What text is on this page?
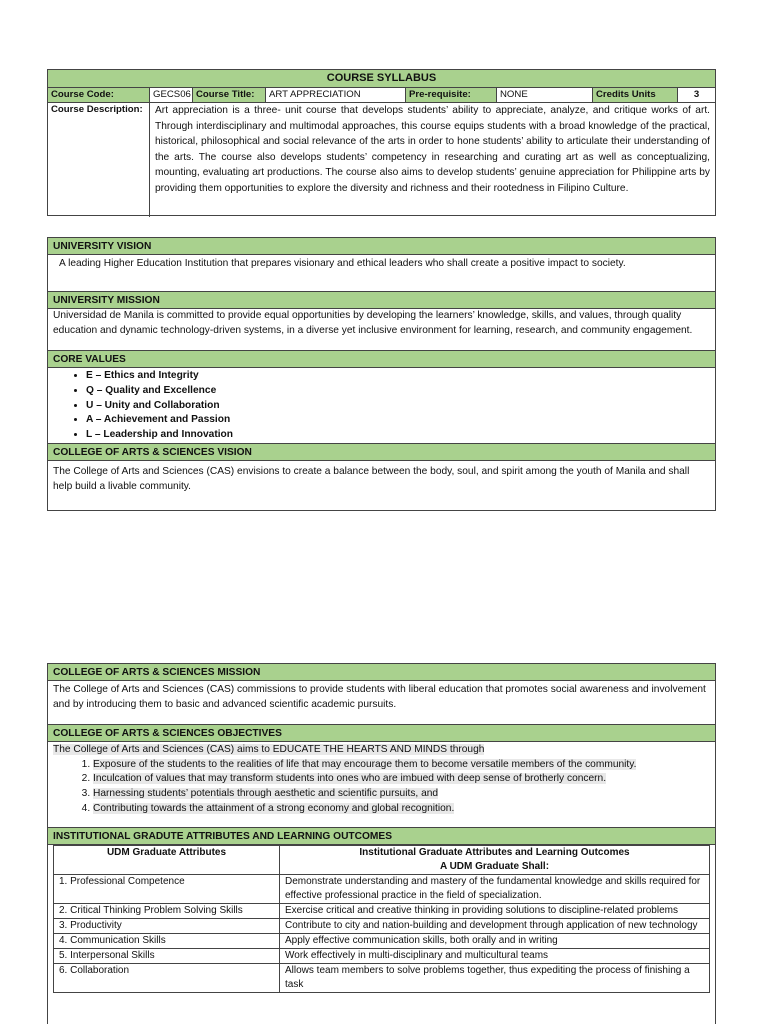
COURSE SYLLABUS
Course Code:	GECS06 Course Title:	ART APPRECIATION	Pre-requisite:	NONE	Credits Units	3
Course Description:	Art appreciation is a three- unit course that develops students’ ability to appreciate, analyze, and critique works of art. Through interdisciplinary and multimodal approaches, this course equips students with a broad knowledge of the practical, historical, philosophical and social relevance of the arts in order to hone students’ ability to articulate their understanding of the arts. The course also develops students’ competency in researching and curating art as well as conceptualizing, mounting, evaluating art productions. The course also aims to develop students’ genuine appreciation for Philippine arts by providing them opportunities to explore the diversity and richness and their rootedness in Filipino Culture.
UNIVERSITY VISION
A leading Higher Education Institution that prepares visionary and ethical leaders who shall create a positive impact to society.
UNIVERSITY MISSION
Universidad de Manila is committed to provide equal opportunities by developing the learners’ knowledge, skills, and values, through quality education and dynamic technology-driven systems, in a diverse yet inclusive environment for learning, research, and community engagement.
CORE VALUES
• E – Ethics and Integrity
• Q – Quality and Excellence
• U – Unity and Collaboration
• A – Achievement and Passion
• L – Leadership and Innovation
COLLEGE OF ARTS & SCIENCES VISION
The College of Arts and Sciences (CAS) envisions to create a balance between the body, soul, and spirit among the youth of Manila and shall help build a livable community.
COLLEGE OF ARTS & SCIENCES MISSION
The College of Arts and Sciences (CAS) commissions to provide students with liberal education that promotes social awareness and involvement and by introducing them to basic and advanced scientific academic pursuits.
COLLEGE OF ARTS & SCIENCES OBJECTIVES
The College of Arts and Sciences (CAS) aims to EDUCATE THE HEARTS AND MINDS through
1. Exposure of the students to the realities of life that may encourage them to become versatile members of the community.
2. Inculcation of values that may transform students into ones who are imbued with deep sense of brotherly concern.
3. Harnessing students’ potentials through aesthetic and scientific pursuits, and
4. Contributing towards the attainment of a strong economy and global recognition.
INSTITUTIONAL GRADUTE ATTRIBUTES AND LEARNING OUTCOMES
UDM Graduate Attributes	Institutional Graduate Attributes and Learning Outcomes
A UDM Graduate Shall:

1. Professional Competence	Demonstrate understanding and mastery of the fundamental knowledge and skills required for effective professional practice in the field of specialization.
2. Critical Thinking Problem Solving Skills	Exercise critical and creative thinking in providing solutions to discipline-related problems
3. Productivity	Contribute to city and nation-building and development through application of new technology
4. Communication Skills	Apply effective communication skills, both orally and in writing
5. Interpersonal Skills	Work effectively in multi-disciplinary and multicultural teams
6. Collaboration	Allows team members to solve problems together, thus expediting the process of finishing a task
